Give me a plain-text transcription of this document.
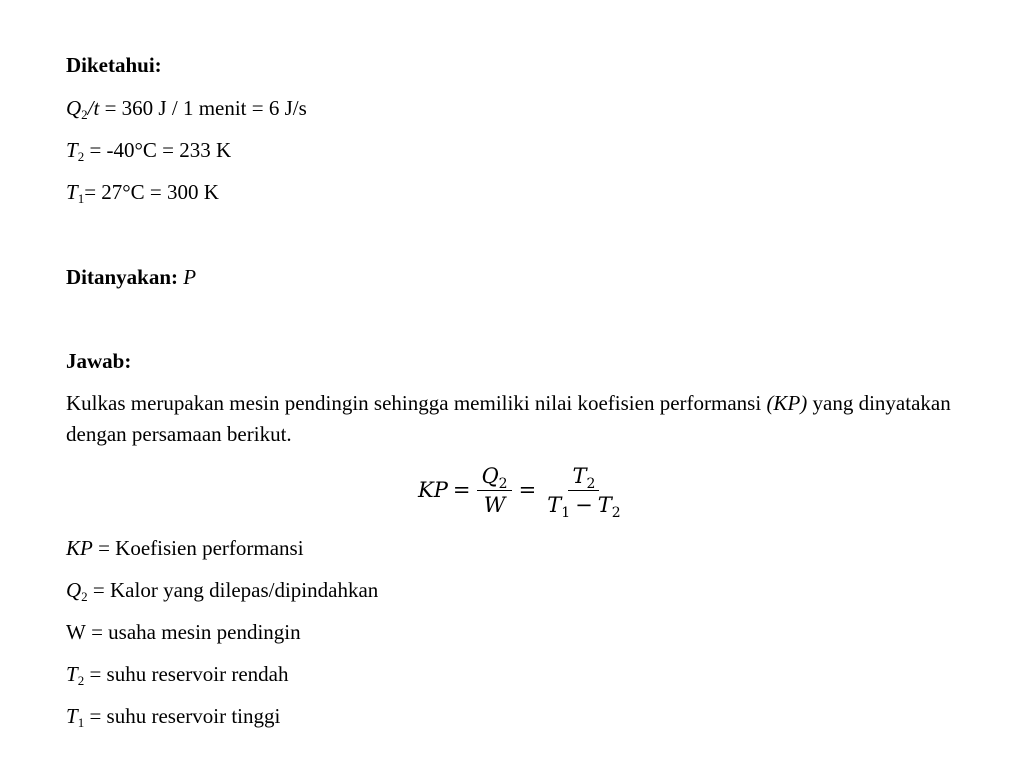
Diketahui:
$Q_2/t = 360$ J / 1 menit = 6 J/s
$T_2 = -40^\circ C = 233$ K
$T_1= 27^\circ C = 300$ K
Ditanyakan: P
Jawab:
Kulkas merupakan mesin pendingin sehingga memiliki nilai koefisien performansi (KP) yang dinyatakan dengan persamaan berikut.
KP = $\frac{Q_2}{W} = \frac{T_2}{T_1 - T_2}$
KP = Koefisien performansi
$Q_2$ = Kalor yang dilepas/dipindahkan
W = usaha mesin pendingin
$T_2$ = suhu reservoir rendah
$T_1$ = suhu reservoir tinggi
